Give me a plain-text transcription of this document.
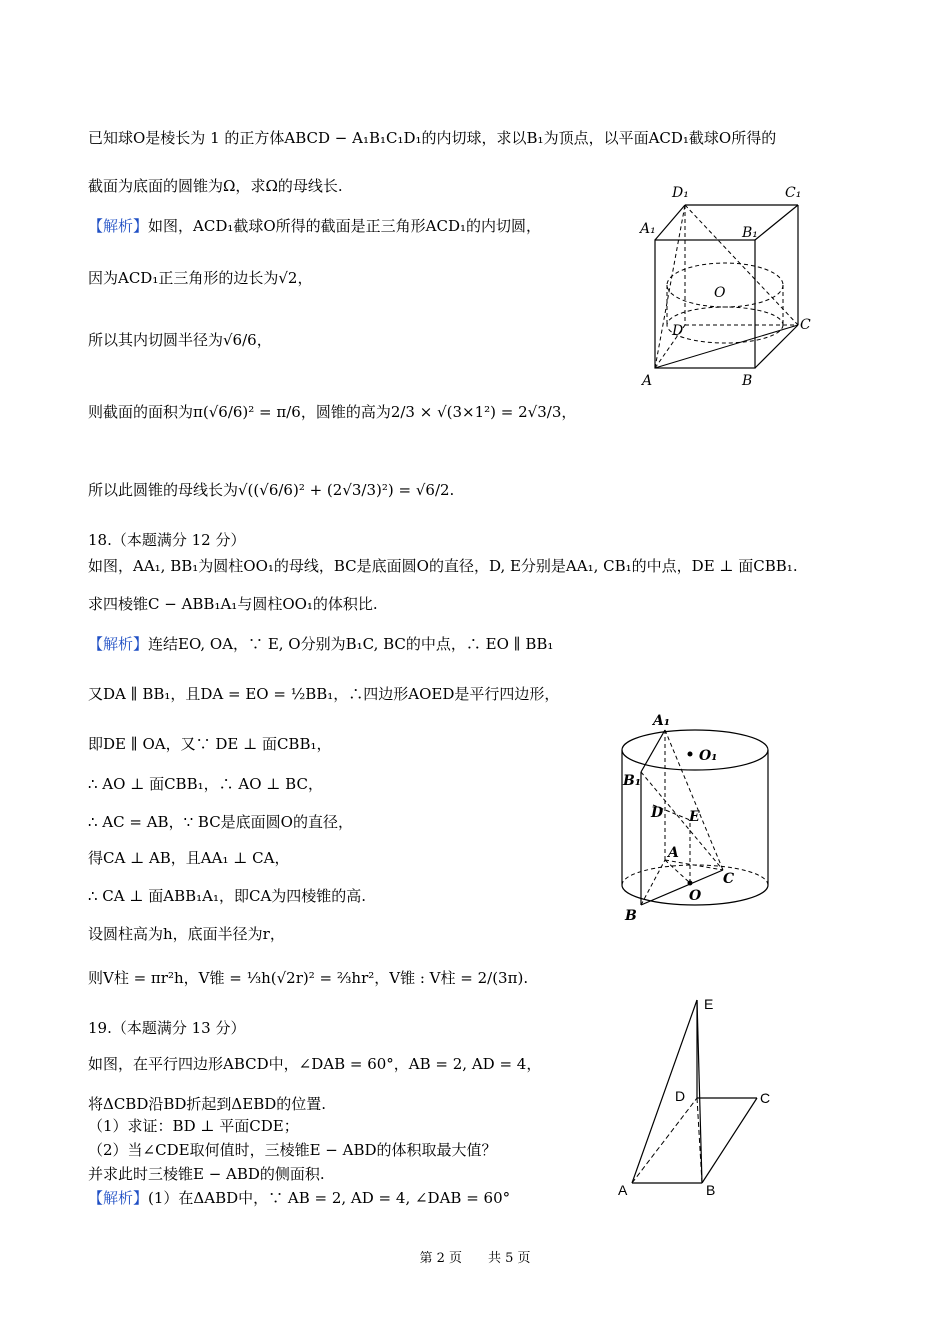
已知球O是棱长为 1 的正方体ABCD − A₁B₁C₁D₁的内切球，求以B₁为顶点，以平面ACD₁截球O所得的
截面为底面的圆锥为Ω，求Ω的母线长.
【解析】如图，ACD₁截球O所得的截面是正三角形ACD₁的内切圆，
因为ACD₁正三角形的边长为√2，
所以其内切圆半径为√6/6，
则截面的面积为π(√6/6)² = π/6，圆锥的高为2/3 × √(3×1²) = 2√3/3，
所以此圆锥的母线长为√((√6/6)² + (2√3/3)²) = √6/2.
18.（本题满分 12 分）
如图，AA₁, BB₁为圆柱OO₁的母线，BC是底面圆O的直径，D, E分别是AA₁, CB₁的中点，DE ⊥ 面CBB₁.
求四棱锥C − ABB₁A₁与圆柱OO₁的体积比.
【解析】连结EO, OA，∵ E, O分别为B₁C, BC的中点，∴ EO ∥ BB₁
又DA ∥ BB₁，且DA = EO = ½BB₁，∴四边形AOED是平行四边形，
即DE ∥ OA，又∵ DE ⊥ 面CBB₁，
∴ AO ⊥ 面CBB₁，∴ AO ⊥ BC，
∴ AC = AB，∵ BC是底面圆O的直径，
得CA ⊥ AB，且AA₁ ⊥ CA，
∴ CA ⊥ 面ABB₁A₁，即CA为四棱锥的高.
设圆柱高为h，底面半径为r，
则V柱 = πr²h，V锥 = ⅓h(√2r)² = ⅔hr²，V锥 : V柱 = 2/(3π).
19.（本题满分 13 分）
如图，在平行四边形ABCD中，∠DAB = 60°，AB = 2, AD = 4，
将ΔCBD沿BD折起到ΔEBD的位置.
（1）求证：BD ⊥ 平面CDE；
（2）当∠CDE取何值时，三棱锥E − ABD的体积取最大值？
并求此时三棱锥E − ABD的侧面积.
【解析】(1）在ΔABD中，∵ AB = 2, AD = 4, ∠DAB = 60°
D₁	C₁
A₁	B₁
O
D	C
A	B
A₁
O₁
B₁
D E
A
C
O
B
E
D	C
A	B
第 2 页　　共 5 页
